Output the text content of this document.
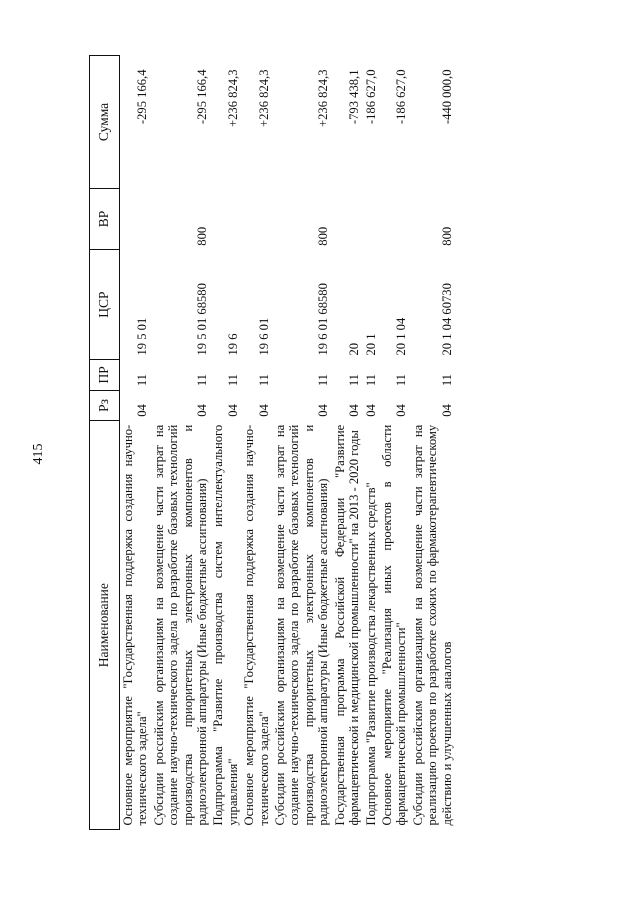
415
Наименование	Рз	ПР	ЦСР	ВР	Сумма
Основное мероприятие "Государственная поддержка создания научно-технического задела"	04	11	19 5 01		-295 166,4
Субсидии российским организациям на возмещение части затрат на создание научно-технического задела по разработке базовых технологий производства приоритетных электронных компонентов и радиоэлектронной аппаратуры (Иные бюджетные ассигнования)	04	11	19 5 01 68580	800	-295 166,4
Подпрограмма "Развитие производства систем интеллектуального управления"	04	11	19 6		+236 824,3
Основное мероприятие "Государственная поддержка создания научно-технического задела"	04	11	19 6 01		+236 824,3
Субсидии российским организациям на возмещение части затрат на создание научно-технического задела по разработке базовых технологий производства приоритетных электронных компонентов и радиоэлектронной аппаратуры (Иные бюджетные ассигнования)	04	11	19 6 01 68580	800	+236 824,3
Государственная программа Российской Федерации "Развитие фармацевтической и медицинской промышленности" на 2013 - 2020 годы	04	11	20		-793 438,1
Подпрограмма "Развитие производства лекарственных средств"	04	11	20 1		-186 627,0
Основное мероприятие "Реализация иных проектов в области фармацевтической промышленности"	04	11	20 1 04		-186 627,0
Субсидии российским организациям на возмещение части затрат на реализацию проектов по разработке схожих по фармакотерапевтическому действию и улучшенных аналогов	04	11	20 1 04 60730	800	-440 000,0
